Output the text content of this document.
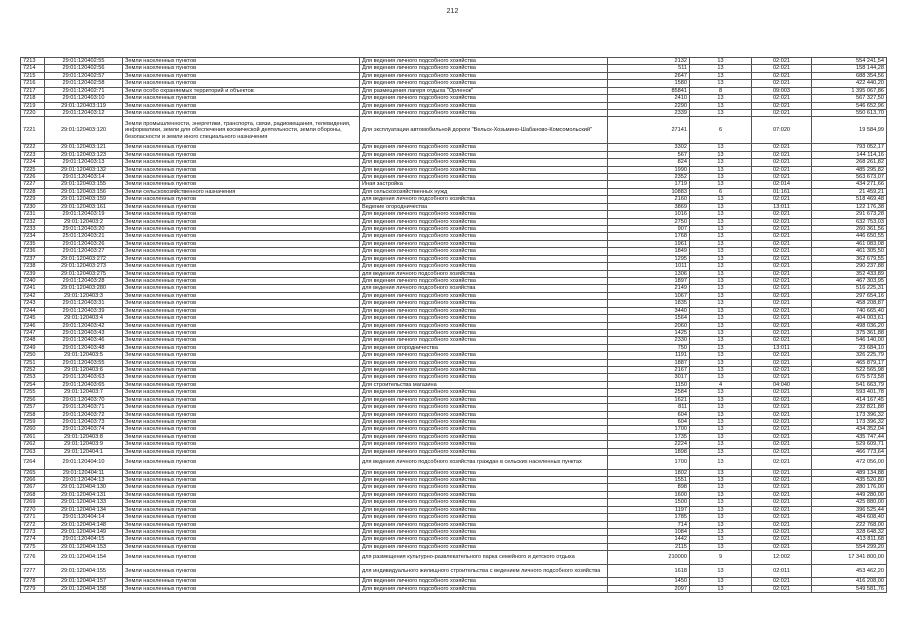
212
7213	29:01:120402:55	Земли населенных пунктов	Для ведения личного подсобного хозяйства	2132	13	02:021	554 241,54
7214	29:01:120402:56	Земли населенных пунктов	Для ведения личного подсобного хозяйства	511	13	02:021	158 144,28
7215	29:01:120402:57	Земли населенных пунктов	Для ведения личного подсобного хозяйства	2647	13	02:021	688 354,56
7216	29:01:120402:58	Земли населенных пунктов	Для ведения личного подсобного хозяйства	1580	13	02:021	422 440,20
7217	29:01:120402:71	Земли особо охраняемых территорий и объектов	Для размещения лагеря отдыха "Орленок"	85841	8	09:003	1 395 067,86
7218	29:01:120403:10	Земли населенных пунктов	Для ведения личного подсобного хозяйства	2410	13	02:021	567 327,50
7219	29:01:120403:119	Земли населенных пунктов	Для ведения личного подсобного хозяйства	2290	13	02:021	546 652,96
7220	29:01:120403:12	Земли населенных пунктов	Для ведения личного подсобного хозяйства	2339	13	02:021	550 613,70
7221	29:01:120403:120	Земли промышленности, энергетики, транспорта, связи, радиовещания, телевидения, информатики, земли для обеспечения космической деятельности, земли обороны, безопасности и земли иного специального назначения	Для эксплуатации автомобильной дороги "Вельск-Хозьмино-Шабаново-Комсомольский"	27141	6	07:020	19 584,99
7222	29:01:120403:121	Земли населенных пунктов	Для ведения личного подсобного хозяйства	3302	13	02:021	793 052,17
7223	29:01:120403:123	Земли населенных пунктов	Для ведения личного подсобного хозяйства	567	13	02:021	144 114,16
7224	29:01:120403:13	Земли населенных пунктов	Для ведения личного подсобного хозяйства	824	13	02:021	268 261,82
7225	29:01:120403:132	Земли населенных пунктов	Для ведения личного подсобного хозяйства	1990	13	02:021	485 295,82
7226	29:01:120403:14	Земли населенных пунктов	Для ведения личного подсобного хозяйства	2352	13	02:021	563 673,07
7227	29:01:120403:155	Земли населенных пунктов	Иная застройка	1719	13	02:014	434 271,66
7228	29:01:120403:156	Земли сельскохозяйственного назначения	Для сельскохозяйственных нужд	10883	6	01:161	21 459,21
7229	29:01:120403:159	Земли населенных пунктов	для ведения личного подсобного хозяйства	2160	13	02:021	518 469,48
7230	29:01:120403:161	Земли населенных пунктов	Ведение огородничества	3869	13	13:011	122 176,38
7231	29:01:120403:19	Земли населенных пунктов	Для ведения личного подсобного хозяйства	1016	13	02:021	291 673,28
7232	29:01:120403:2	Земли населенных пунктов	Для ведения личного подсобного хозяйства	2750	13	02:021	632 753,03
7233	29:01:120403:20	Земли населенных пунктов	Для ведения личного подсобного хозяйства	907	13	02:021	260 361,56
7234	25:01:120403:21	Земли населенных пунктов	Для ведения личного подсобного хозяйства	1768	13	02:021	446 650,55
7235	29:01:120403:26	Земли населенных пунктов	Для ведения личного подсобного хозяйства	1961	13	02:021	461 083,08
7236	29:01:120403:27	Земли населенных пунктов	Для ведения личного подсобного хозяйства	1849	13	02:021	461 305,50
7237	29:01:120403:272	Земли населенных пунктов	Для ведения личного подсобного хозяйства	1295	13	02:021	362 679,55
7238	29:01:120403:273	Земли населенных пунктов	Для ведения личного подсобного хозяйства	1011	13	02:021	290 237,88
7239	29:01:120403:275	Земли населенных пунктов	для ведения личного подсобного хозяйства	1306	13	02:021	352 433,89
7240	29:01:120403:28	Земли населенных пунктов	Для ведения личного подсобного хозяйства	1897	13	02:021	467 303,95
7241	29:01:120403:280	Земли населенных пунктов	для ведения личного подсобного хозяйства	2149	13	02:021	516 225,31
7242	29:01:120403:3	Земли населенных пунктов	Для ведения личного подсобного хозяйства	1067	13	02:021	297 654,16
7243	29:01:120403:31	Земли населенных пунктов	Для ведения личного подсобного хозяйства	1835	13	02:021	458 208,87
7244	29:01:120403:39	Земли населенных пунктов	Для ведения личного подсобного хозяйства	3440	13	02:021	740 665,40
7245	29:01:120403:4	Земли населенных пунктов	Для ведения личного подсобного хозяйства	1564	13	02:021	404 003,61
7246	29:01:120403:42	Земли населенных пунктов	Для ведения личного подсобного хозяйства	2060	13	02:021	498 036,20
7247	29:01:120403:43	Земли населенных пунктов	Для ведения личного подсобного хозяйства	1425	13	02:021	375 361,88
7248	29:01:120403:46	Земли населенных пунктов	Для ведения личного подсобного хозяйства	2330	13	02:021	546 140,00
7249	29:01:120403:48	Земли населенных пунктов	Для ведения огородничества	750	13	13:011	23 684,10
7250	29:01:120403:5	Земли населенных пунктов	Для ведения личного подсобного хозяйства	1191	13	02:021	326 225,79
7251	29:01:120403:55	Земли населенных пунктов	Для ведения личного подсобного хозяйства	1887	13	02:021	465 879,17
7252	29:01:120403:6	Земли населенных пунктов	Для ведения личного подсобного хозяйства	2167	13	02:021	522 565,98
7253	29:01:120403:63	Земли населенных пунктов	Для ведения личного подсобного хозяйства	3017	13	02:021	675 573,58
7254	29:01:120403:65	Земли населенных пунктов	Для строительства магазина	1150	4	04:040	541 663,79
7255	29:01:120403:7	Земли населенных пунктов	Для ведения личного подсобного хозяйства	2584	13	02:021	593 401,78
7256	29:01:120403:70	Земли населенных пунктов	Для ведения личного подсобного хозяйства	1621	13	02:021	414 167,45
7257	29:01:120403:71	Земли населенных пунктов	Для ведения личного подсобного хозяйства	811	13	02:021	232 821,88
7258	29:01:120403:72	Земли населенных пунктов	Для ведения личного подсобного хозяйства	604	13	02:021	173 396,32
7259	29:01:120403:73	Земли населенных пунктов	Для ведения личного подсобного хозяйства	604	13	02:021	173 396,32
7260	29:01:120403:74	Земли населенных пунктов	Для ведения личного подсобного хозяйства	1700	13	02:021	434 352,04
7261	29:01:120403:8	Земли населенных пунктов	Для ведения личного подсобного хозяйства	1735	13	02:021	435 747,44
7262	29:01:120403:9	Земли населенных пунктов	Для ведения личного подсобного хозяйства	2224	13	02:021	529 609,71
7263	29:01:120404:1	Земли населенных пунктов	Для ведения личного подсобного хозяйства	1898	13	02:021	466 773,64
7264	29:01:120404:10	Земли населенных пунктов	для ведения личного подсобного хозяйства граждан в сельских населенных пунктах	1700	13	02:021	472 056,00
7265	29:01:120404:11	Земли населенных пунктов	Для ведения личного подсобного хозяйства	1802	13	02:021	489 134,88
7266	29:01:120404:13	Земли населенных пунктов	Для ведения личного подсобного хозяйства	1551	13	02:021	435 520,80
7267	29:01:120404:130	Земли населенных пунктов	Для ведения личного подсобного хозяйства	898	13	02:021	280 176,00
7268	29:01:120404:131	Земли населенных пунктов	Для ведения личного подсобного хозяйства	1600	13	02:021	449 280,00
7269	29:01:120404:133	Земли населенных пунктов	Для ведения личного подсобного хозяйства	1500	13	02:021	425 880,00
7270	29:01:120404:134	Земли населенных пунктов	Для ведения личного подсобного хозяйства	1197	13	02:021	396 525,44
7271	29:01:120404:14	Земли населенных пунктов	Для ведения личного подсобного хозяйства	1785	13	02:021	484 608,40
7272	29:01:120404:148	Земли населенных пунктов	Для ведения личного подсобного хозяйства	714	13	02:021	222 768,00
7273	29:01:120404:149	Земли населенных пунктов	Для ведения личного подсобного хозяйства	1084	13	02:021	328 648,32
7274	29:01:120404:15	Земли населенных пунктов	Для ведения личного подсобного хозяйства	1442	13	02:021	413 811,68
7275	29:01:120404:153	Земли населенных пунктов	Для ведения личного подсобного хозяйства	2115	13	02:021	554 299,20
7276	29:01:120404:154	Земли населенных пунктов	для размещения культурно-развлекательного парка семейного и детского отдыха	210000	9	12:002	17 341 800,00
7277	29:01:120404:155	Земли населенных пунктов	для индивидуального жилищного строительства с ведением личного подсобного хозяйства	1618	13	02:011	453 462,20
7278	29:01:120404:157	Земли населенных пунктов	Для ведения личного подсобного хозяйства	1450	13	02:021	416 208,00
7279	29:01:120404:158	Земли населенных пунктов	Для ведения личного подсобного хозяйства	2097	13	02:021	549 581,76
